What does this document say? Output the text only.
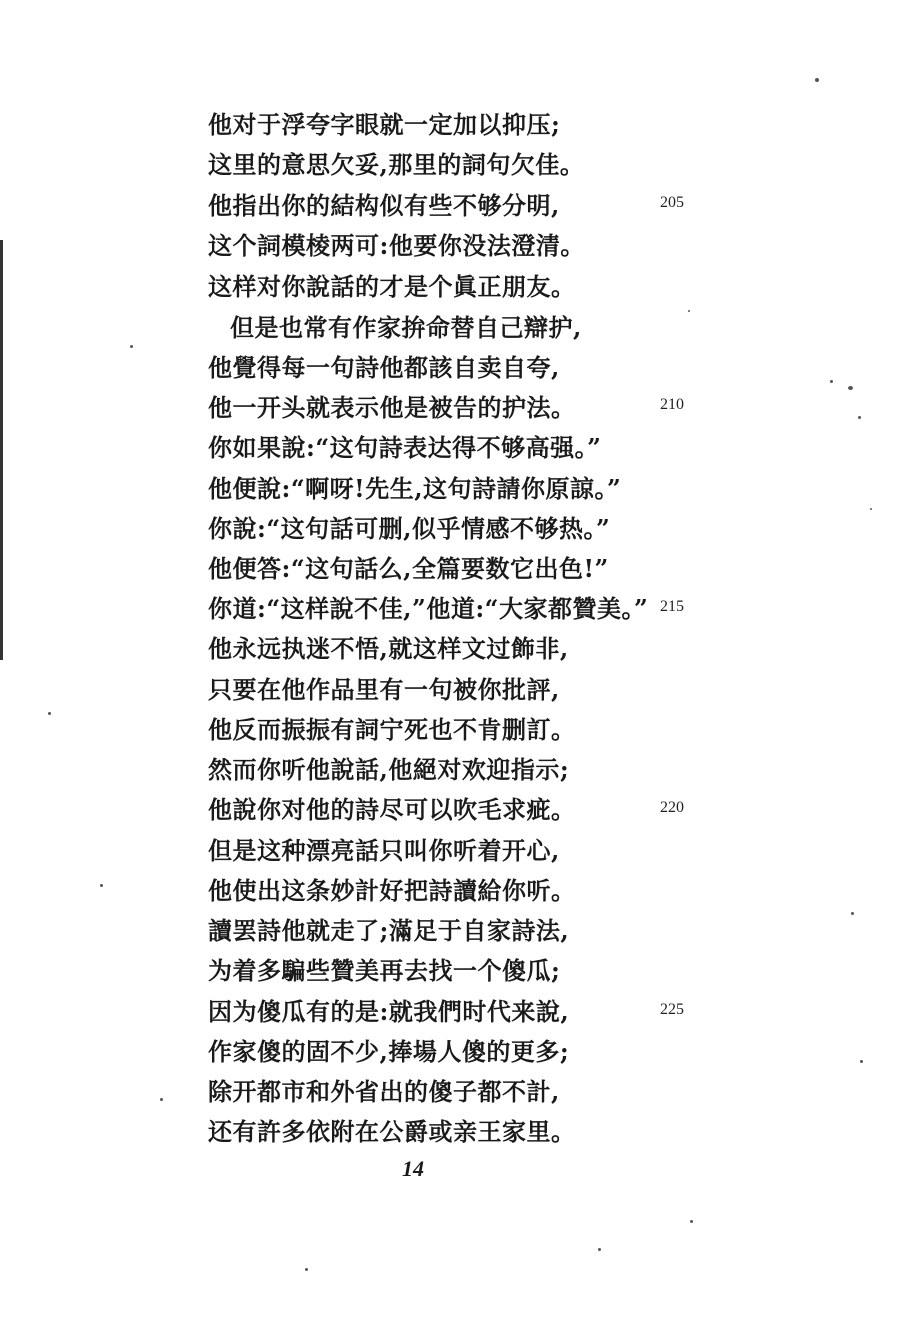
他对于浮夸字眼就一定加以抑压;
这里的意思欠妥,那里的詞句欠佳。
他指出你的結构似有些不够分明,
这个詞模棱两可:他要你没法澄清。
这样对你說話的才是个眞正朋友。
但是也常有作家拚命替自己辯护,
他覺得每一句詩他都該自卖自夸,
他一开头就表示他是被告的护法。
你如果說:“这句詩表达得不够高强。”
他便說:“啊呀!先生,这句詩請你原諒。”
你說:“这句話可删,似乎情感不够热。”
他便答:“这句話么,全篇要数它出色!”
你道:“这样說不佳,”他道:“大家都贊美。”
他永远执迷不悟,就这样文过飾非,
只要在他作品里有一句被你批評,
他反而振振有詞宁死也不肯删訂。
然而你听他說話,他絕对欢迎指示;
他說你对他的詩尽可以吹毛求疵。
但是这种漂亮話只叫你听着开心,
他使出这条妙計好把詩讀給你听。
讀罢詩他就走了;滿足于自家詩法,
为着多騙些贊美再去找一个傻瓜;
因为傻瓜有的是:就我們时代来說,
作家傻的固不少,捧場人傻的更多;
除开都市和外省出的傻子都不計,
还有許多依附在公爵或亲王家里。
205
210
215
220
225
14
